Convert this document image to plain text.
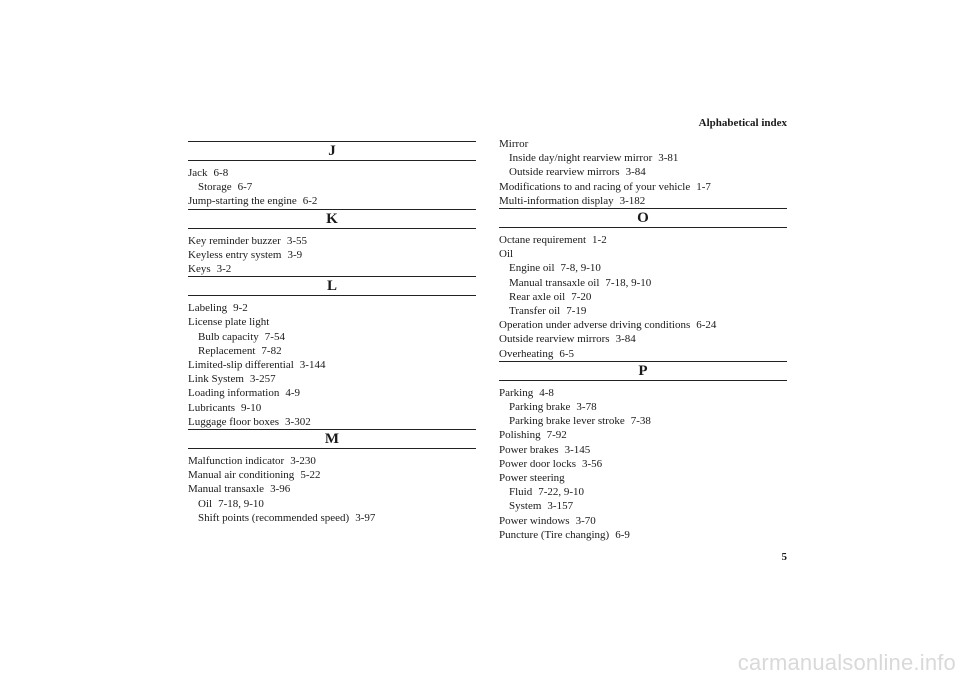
Alphabetical index
J
Jack 6-8
Storage 6-7
Jump-starting the engine 6-2
K
Key reminder buzzer 3-55
Keyless entry system 3-9
Keys 3-2
L
Labeling 9-2
License plate light
Bulb capacity 7-54
Replacement 7-82
Limited-slip differential 3-144
Link System 3-257
Loading information 4-9
Lubricants 9-10
Luggage floor boxes 3-302
M
Malfunction indicator 3-230
Manual air conditioning 5-22
Manual transaxle 3-96
Oil 7-18, 9-10
Shift points (recommended speed) 3-97
Mirror
Inside day/night rearview mirror 3-81
Outside rearview mirrors 3-84
Modifications to and racing of your vehicle 1-7
Multi-information display 3-182
O
Octane requirement 1-2
Oil
Engine oil 7-8, 9-10
Manual transaxle oil 7-18, 9-10
Rear axle oil 7-20
Transfer oil 7-19
Operation under adverse driving conditions 6-24
Outside rearview mirrors 3-84
Overheating 6-5
P
Parking 4-8
Parking brake 3-78
Parking brake lever stroke 7-38
Polishing 7-92
Power brakes 3-145
Power door locks 3-56
Power steering
Fluid 7-22, 9-10
System 3-157
Power windows 3-70
Puncture (Tire changing) 6-9
5
carmanualsonline.info
